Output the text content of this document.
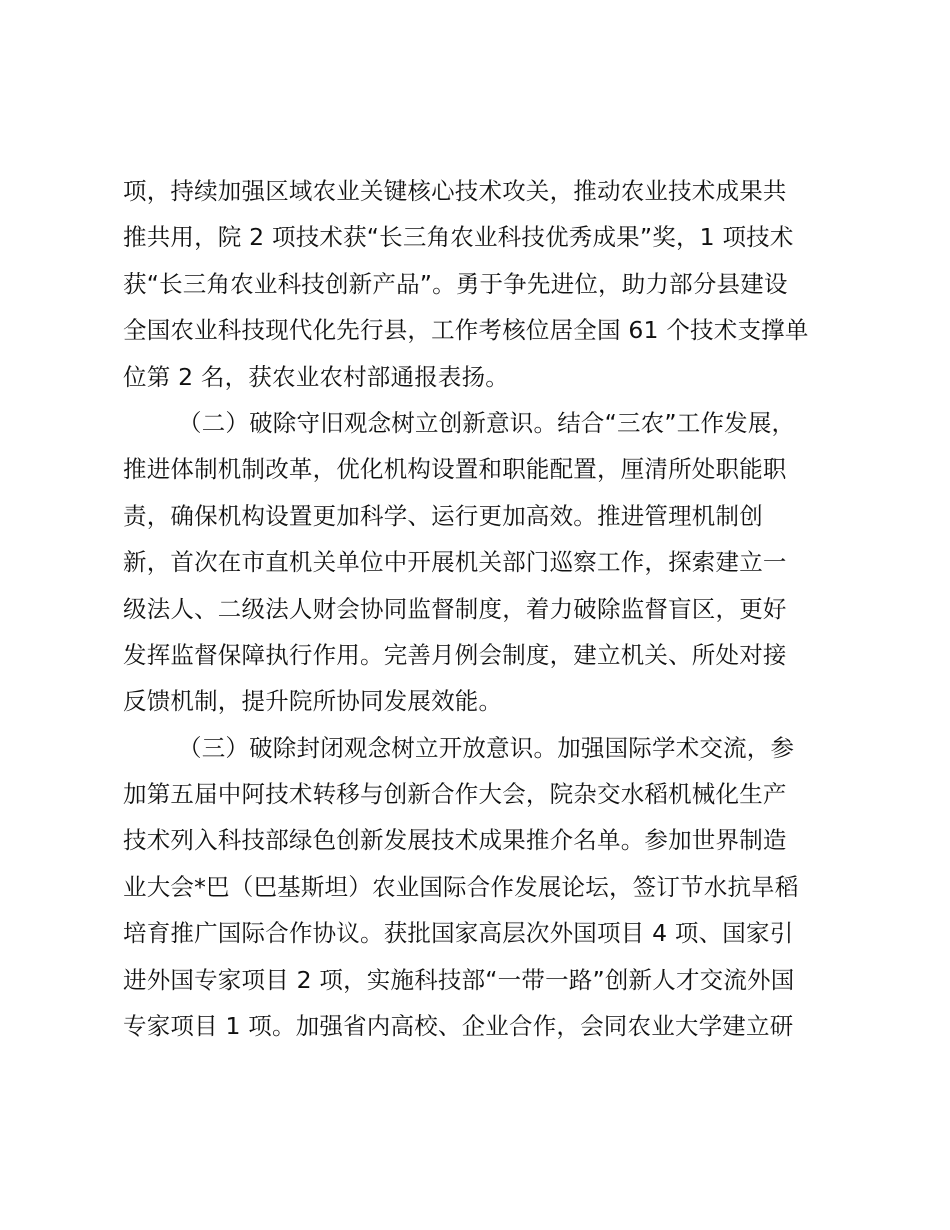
项，持续加强区域农业关键核心技术攻关，推动农业技术成果共
推共用，院 2 项技术获“长三角农业科技优秀成果”奖，1 项技术
获“长三角农业科技创新产品”。勇于争先进位，助力部分县建设
全国农业科技现代化先行县，工作考核位居全国 61 个技术支撑单
位第 2 名，获农业农村部通报表扬。
（二）破除守旧观念树立创新意识。结合“三农”工作发展，
推进体制机制改革，优化机构设置和职能配置，厘清所处职能职
责，确保机构设置更加科学、运行更加高效。推进管理机制创
新，首次在市直机关单位中开展机关部门巡察工作，探索建立一
级法人、二级法人财会协同监督制度，着力破除监督盲区，更好
发挥监督保障执行作用。完善月例会制度，建立机关、所处对接
反馈机制，提升院所协同发展效能。
（三）破除封闭观念树立开放意识。加强国际学术交流，参
加第五届中阿技术转移与创新合作大会，院杂交水稻机械化生产
技术列入科技部绿色创新发展技术成果推介名单。参加世界制造
业大会*巴（巴基斯坦）农业国际合作发展论坛，签订节水抗旱稻
培育推广国际合作协议。获批国家高层次外国项目 4 项、国家引
进外国专家项目 2 项，实施科技部“一带一路”创新人才交流外国
专家项目 1 项。加强省内高校、企业合作，会同农业大学建立研
